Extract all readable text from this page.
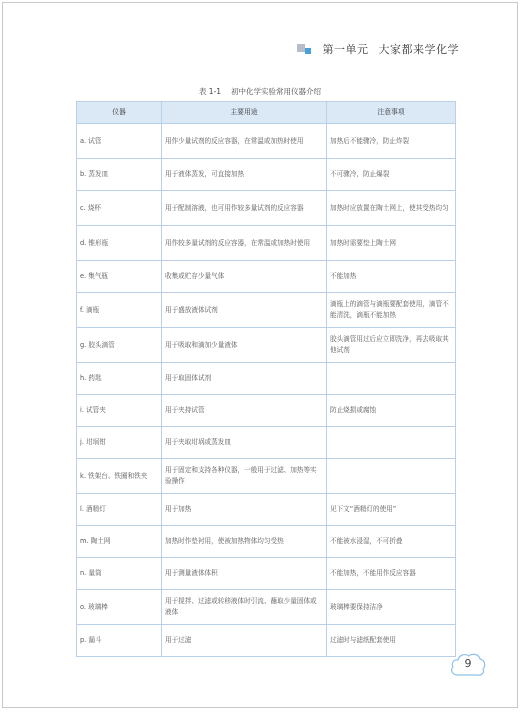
第一单元 大家都来学化学
表 1-1 初中化学实验常用仪器介绍
仪器	主要用途	注意事项
a. 试管	用作少量试剂的反应容器，在常温或加热时使用	加热后不能骤冷，防止炸裂
b. 蒸发皿	用于液体蒸发，可直接加热	不可骤冷，防止爆裂
c. 烧杯	用于配制溶液，也可用作较多量试剂的反应容器	加热时应放置在陶土网上，使其受热均匀
d. 锥形瓶	用作较多量试剂的反应容器，在常温或加热时使用	加热时需要垫上陶土网
e. 集气瓶	收集或贮存少量气体	不能加热
f. 滴瓶	用于盛放液体试剂	滴瓶上的滴管与滴瓶要配套使用，滴管不能清洗，滴瓶不能加热
g. 胶头滴管	用于吸取和滴加少量液体	胶头滴管用过后应立即洗净，再去吸取其他试剂
h. 药匙	用于取固体试剂	
i. 试管夹	用于夹持试管	防止烧损或腐蚀
j. 坩埚钳	用于夹取坩埚或蒸发皿	
k. 铁架台、铁圈和铁夹	用于固定和支持各种仪器，一般用于过滤、加热等实验操作	
l. 酒精灯	用于加热	见下文“酒精灯的使用”
m. 陶土网	加热时作垫衬用，使被加热物体均匀受热	不能被水浸湿，不可折叠
n. 量筒	用于测量液体体积	不能加热，不能用作反应容器
o. 玻璃棒	用于搅拌、过滤或转移液体时引流、蘸取少量固体或液体	玻璃棒要保持洁净
p. 漏斗	用于过滤	过滤时与滤纸配套使用
9
